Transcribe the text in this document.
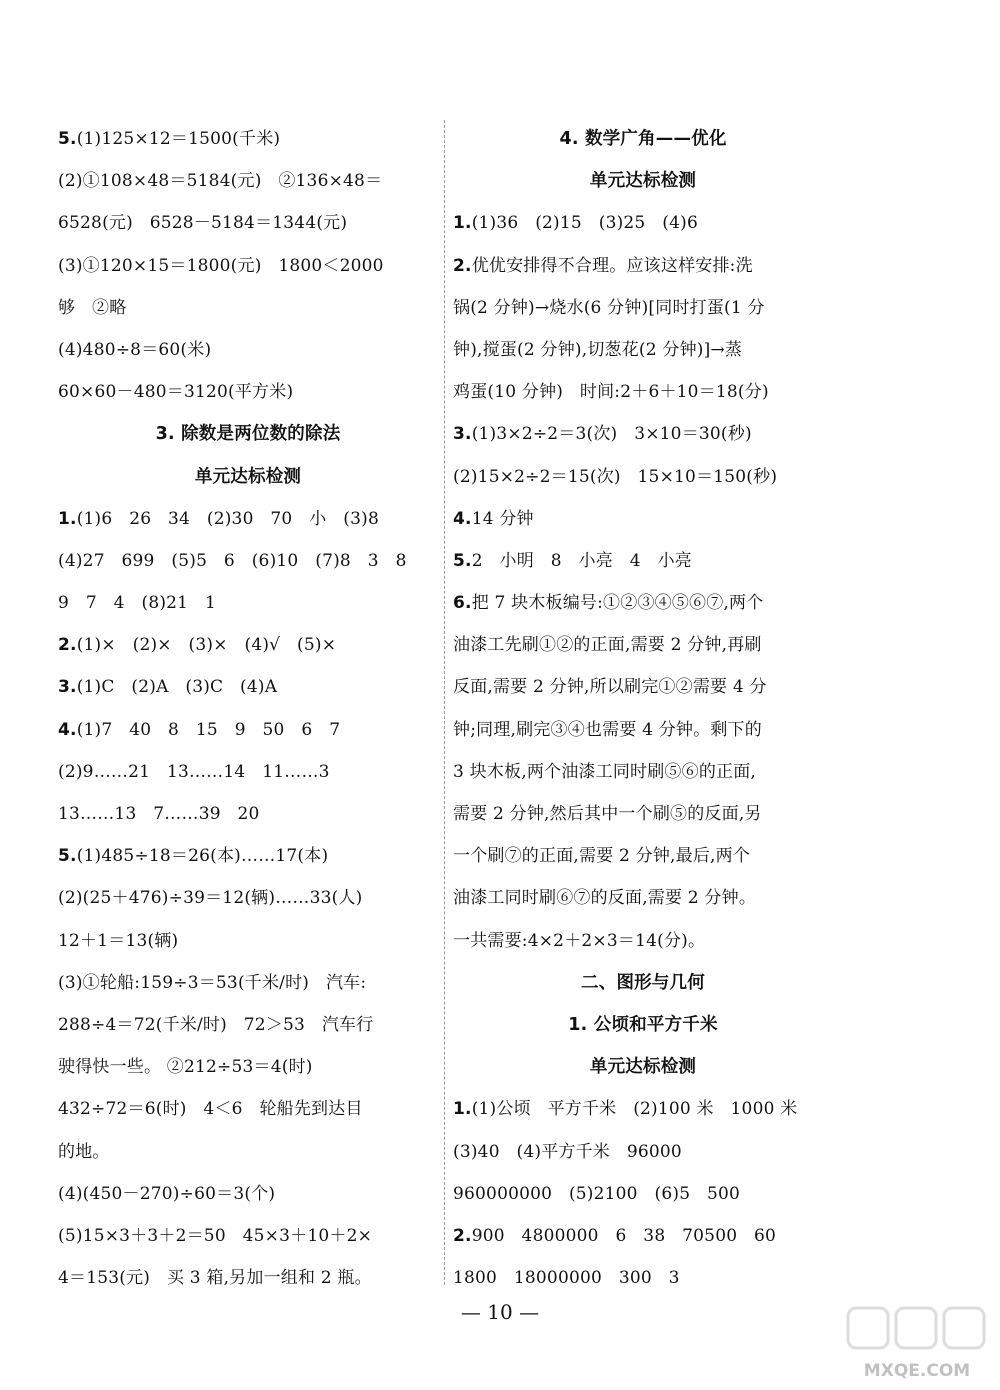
5.(1)125×12＝1500(千米)
(2)①108×48＝5184(元)   ②136×48＝
6528(元)   6528－5184＝1344(元)
(3)①120×15＝1800(元)   1800＜2000
够   ②略
(4)480÷8＝60(米)
60×60－480＝3120(平方米)
3. 除数是两位数的除法
单元达标检测
1.(1)6   26   34   (2)30   70   小   (3)8
(4)27   699   (5)5   6   (6)10   (7)8   3   8
9   7   4   (8)21   1
2.(1)×   (2)×   (3)×   (4)√   (5)×
3.(1)C   (2)A   (3)C   (4)A
4.(1)7   40   8   15   9   50   6   7
(2)9……21   13……14   11……3
13……13   7……39   20
5.(1)485÷18＝26(本)……17(本)
(2)(25＋476)÷39＝12(辆)……33(人)
12＋1＝13(辆)
(3)①轮船:159÷3＝53(千米/时)   汽车:
288÷4＝72(千米/时)   72＞53   汽车行
驶得快一些。 ②212÷53＝4(时)
432÷72＝6(时)   4＜6   轮船先到达目
的地。
(4)(450－270)÷60＝3(个)
(5)15×3＋3＋2＝50   45×3＋10＋2×
4＝153(元)   买 3 箱,另加一组和 2 瓶。
4. 数学广角——优化
单元达标检测
1.(1)36   (2)15   (3)25   (4)6
2.优优安排得不合理。应该这样安排:洗
锅(2 分钟)→烧水(6 分钟)[同时打蛋(1 分
钟),搅蛋(2 分钟),切葱花(2 分钟)]→蒸
鸡蛋(10 分钟)   时间:2＋6＋10＝18(分)
3.(1)3×2÷2＝3(次)   3×10＝30(秒)
(2)15×2÷2＝15(次)   15×10＝150(秒)
4.14 分钟
5.2   小明   8   小亮   4   小亮
6.把 7 块木板编号:①②③④⑤⑥⑦,两个
油漆工先刷①②的正面,需要 2 分钟,再刷
反面,需要 2 分钟,所以刷完①②需要 4 分
钟;同理,刷完③④也需要 4 分钟。剩下的
3 块木板,两个油漆工同时刷⑤⑥的正面,
需要 2 分钟,然后其中一个刷⑤的反面,另
一个刷⑦的正面,需要 2 分钟,最后,两个
油漆工同时刷⑥⑦的反面,需要 2 分钟。
一共需要:4×2＋2×3＝14(分)。
二、图形与几何
1. 公顷和平方千米
单元达标检测
1.(1)公顷   平方千米   (2)100 米   1000 米
(3)40   (4)平方千米   96000
960000000   (5)2100   (6)5   500
2.900   4800000   6   38   70500   60
1800   18000000   300   3
— 10 —
MXQE.COM
